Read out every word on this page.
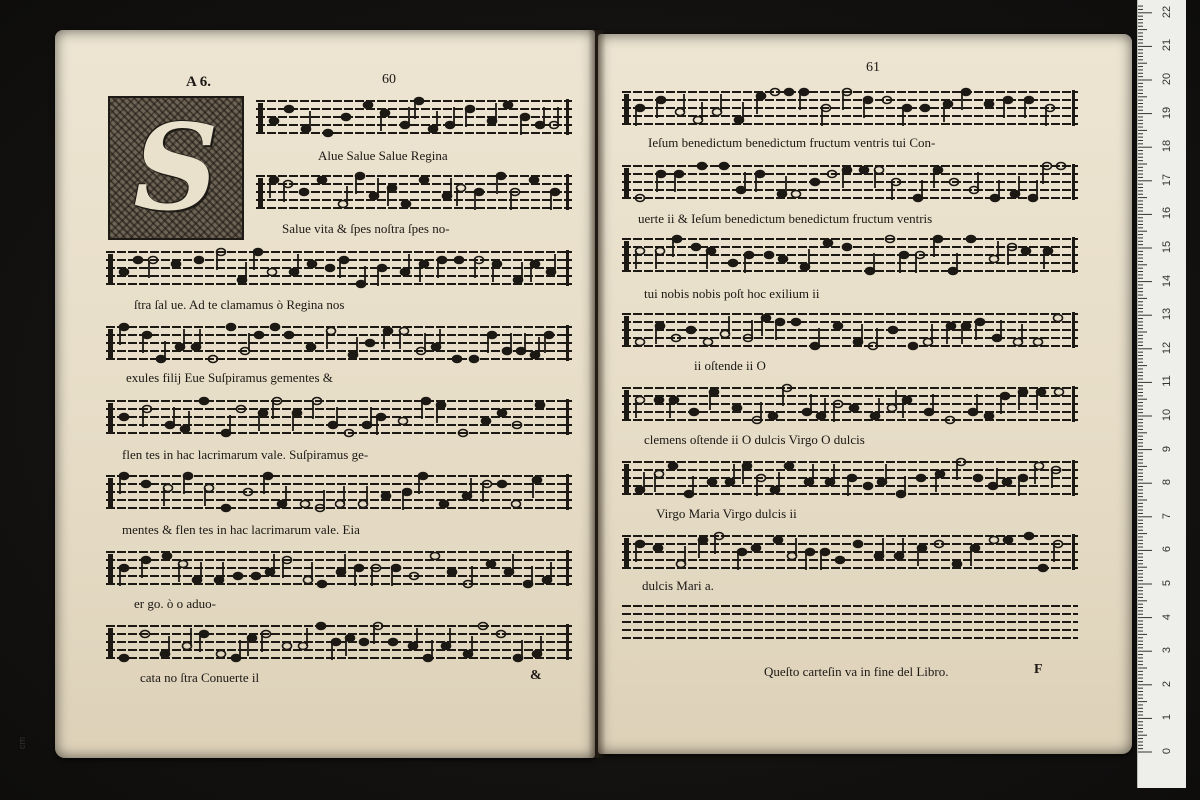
A 6.	60
S	Alue Salue Salue Regina
Salue vita & ſpes noſtra ſpes no-
ſtra ſal ue. Ad te clamamus ò Regina nos
exules filij Eue Suſpiramus gementes &
flen tes in hac lacrimarum vale. Suſpiramus ge-
mentes & flen tes in hac lacrimarum vale. Eia
er go. ò o aduo-
cata no ſtra Conuerte il	&
61
Ieſum benedictum benedictum fructum ventris tui Con-
uerte ii & Ieſum benedictum benedictum fructum ventris
tui nobis nobis poſt hoc exilium ii
ii oſtende ii O
clemens oſtende ii O dulcis Virgo O dulcis
Virgo Maria Virgo dulcis ii
dulcis Mari a.
Queſto carteſin va in fine del Libro.	F
0
1
2
3
4
5
6
7
8
9
10
11
12
13
14
15
16
17
18
19
20
21
22
cm
